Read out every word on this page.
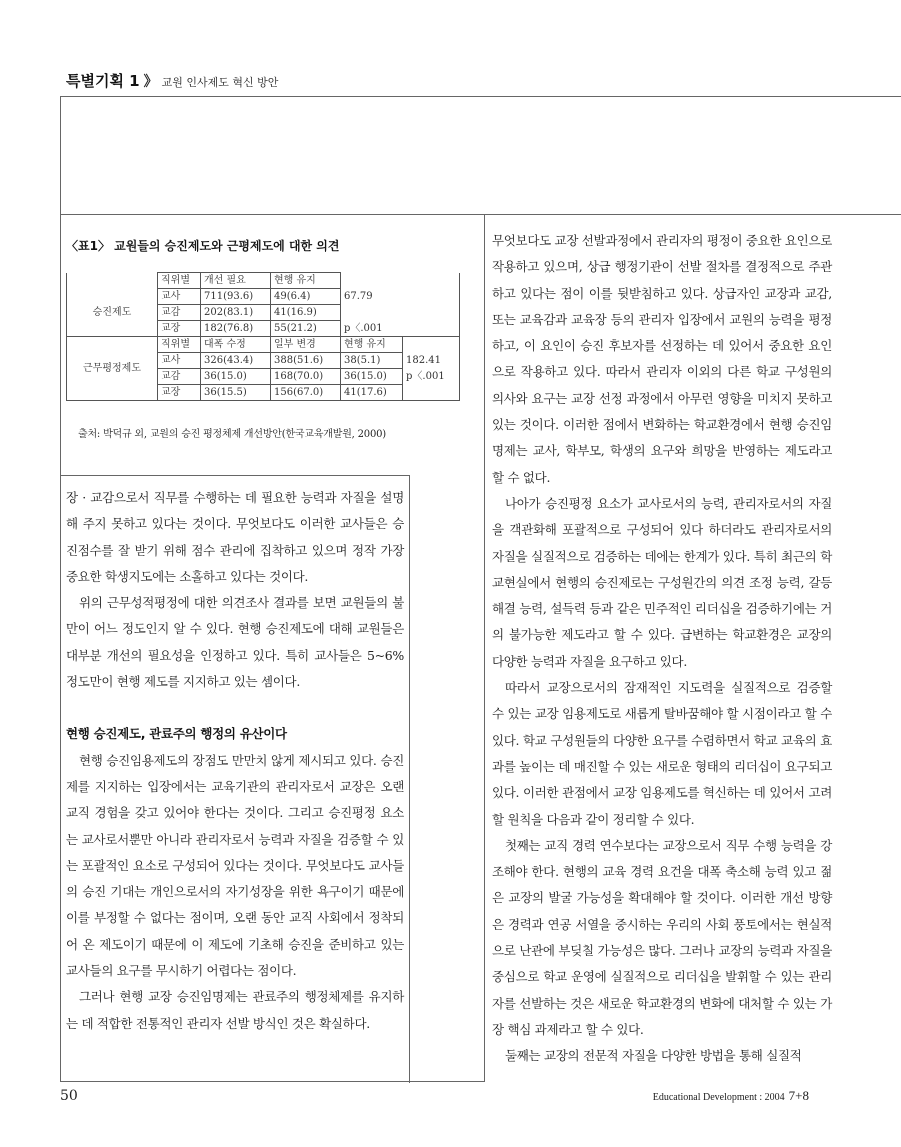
특별기획 1 》 교원 인사제도 혁신 방안
〈표1〉 교원들의 승진제도와 근평제도에 대한 의견
	직위별	개선 필요	현행 유지		
승진제도	교사	711(93.6)	49(6.4)	67.79	
	교감	202(83.1)	41(16.9)		
	교장	182(76.8)	55(21.2)	p〈.001	
근무평정제도	직위별	대폭 수정	일부 변경	현행 유지	
	교사	326(43.4)	388(51.6)	38(5.1)	182.41
	교감	36(15.0)	168(70.0)	36(15.0)	p〈.001
	교장	36(15.5)	156(67.0)	41(17.6)	
출처: 박덕규 외, 교원의 승진 평정체제 개선방안(한국교육개발원, 2000)

장 · 교감으로서 직무를 수행하는 데 필요한 능력과 자질을 설명해 주지 못하고 있다는 것이다. 무엇보다도 이러한 교사들은 승진점수를 잘 받기 위해 점수 관리에 집착하고 있으며 정작 가장 중요한 학생지도에는 소홀하고 있다는 것이다.

위의 근무성적평정에 대한 의견조사 결과를 보면 교원들의 불만이 어느 정도인지 알 수 있다. 현행 승진제도에 대해 교원들은 대부분 개선의 필요성을 인정하고 있다. 특히 교사들은 5~6% 정도만이 현행 제도를 지지하고 있는 셈이다.

현행 승진제도, 관료주의 행정의 유산이다

현행 승진임용제도의 장점도 만만치 않게 제시되고 있다. 승진제를 지지하는 입장에서는 교육기관의 관리자로서 교장은 오랜 교직 경험을 갖고 있어야 한다는 것이다. 그리고 승진평정 요소는 교사로서뿐만 아니라 관리자로서 능력과 자질을 검증할 수 있는 포괄적인 요소로 구성되어 있다는 것이다. 무엇보다도 교사들의 승진 기대는 개인으로서의 자기성장을 위한 욕구이기 때문에 이를 부정할 수 없다는 점이며, 오랜 동안 교직 사회에서 정착되어 온 제도이기 때문에 이 제도에 기초해 승진을 준비하고 있는 교사들의 요구를 무시하기 어렵다는 점이다.

그러나 현행 교장 승진임명제는 관료주의 행정체제를 유지하는 데 적합한 전통적인 관리자 선발 방식인 것은 확실하다.

무엇보다도 교장 선발과정에서 관리자의 평정이 중요한 요인으로 작용하고 있으며, 상급 행정기관이 선발 절차를 결정적으로 주관하고 있다는 점이 이를 뒷받침하고 있다. 상급자인 교장과 교감, 또는 교육감과 교육장 등의 관리자 입장에서 교원의 능력을 평정하고, 이 요인이 승진 후보자를 선정하는 데 있어서 중요한 요인으로 작용하고 있다. 따라서 관리자 이외의 다른 학교 구성원의 의사와 요구는 교장 선정 과정에서 아무런 영향을 미치지 못하고 있는 것이다. 이러한 점에서 변화하는 학교환경에서 현행 승진임명제는 교사, 학부모, 학생의 요구와 희망을 반영하는 제도라고 할 수 없다.

나아가 승진평정 요소가 교사로서의 능력, 관리자로서의 자질을 객관화해 포괄적으로 구성되어 있다 하더라도 관리자로서의 자질을 실질적으로 검증하는 데에는 한계가 있다. 특히 최근의 학교현실에서 현행의 승진제로는 구성원간의 의견 조정 능력, 갈등해결 능력, 설득력 등과 같은 민주적인 리더십을 검증하기에는 거의 불가능한 제도라고 할 수 있다. 급변하는 학교환경은 교장의 다양한 능력과 자질을 요구하고 있다.

따라서 교장으로서의 잠재적인 지도력을 실질적으로 검증할 수 있는 교장 임용제도로 새롭게 탈바꿈해야 할 시점이라고 할 수 있다. 학교 구성원들의 다양한 요구를 수렴하면서 학교 교육의 효과를 높이는 데 매진할 수 있는 새로운 형태의 리더십이 요구되고 있다. 이러한 관점에서 교장 임용제도를 혁신하는 데 있어서 고려할 원칙을 다음과 같이 정리할 수 있다.

첫째는 교직 경력 연수보다는 교장으로서 직무 수행 능력을 강조해야 한다. 현행의 교육 경력 요건을 대폭 축소해 능력 있고 젊은 교장의 발굴 가능성을 확대해야 할 것이다. 이러한 개선 방향은 경력과 연공 서열을 중시하는 우리의 사회 풍토에서는 현실적으로 난관에 부딪칠 가능성은 많다. 그러나 교장의 능력과 자질을 중심으로 학교 운영에 실질적으로 리더십을 발휘할 수 있는 관리자를 선발하는 것은 새로운 학교환경의 변화에 대처할 수 있는 가장 핵심 과제라고 할 수 있다.

둘째는 교장의 전문적 자질을 다양한 방법을 통해 실질적

50	Educational Development : 2004 7+8
